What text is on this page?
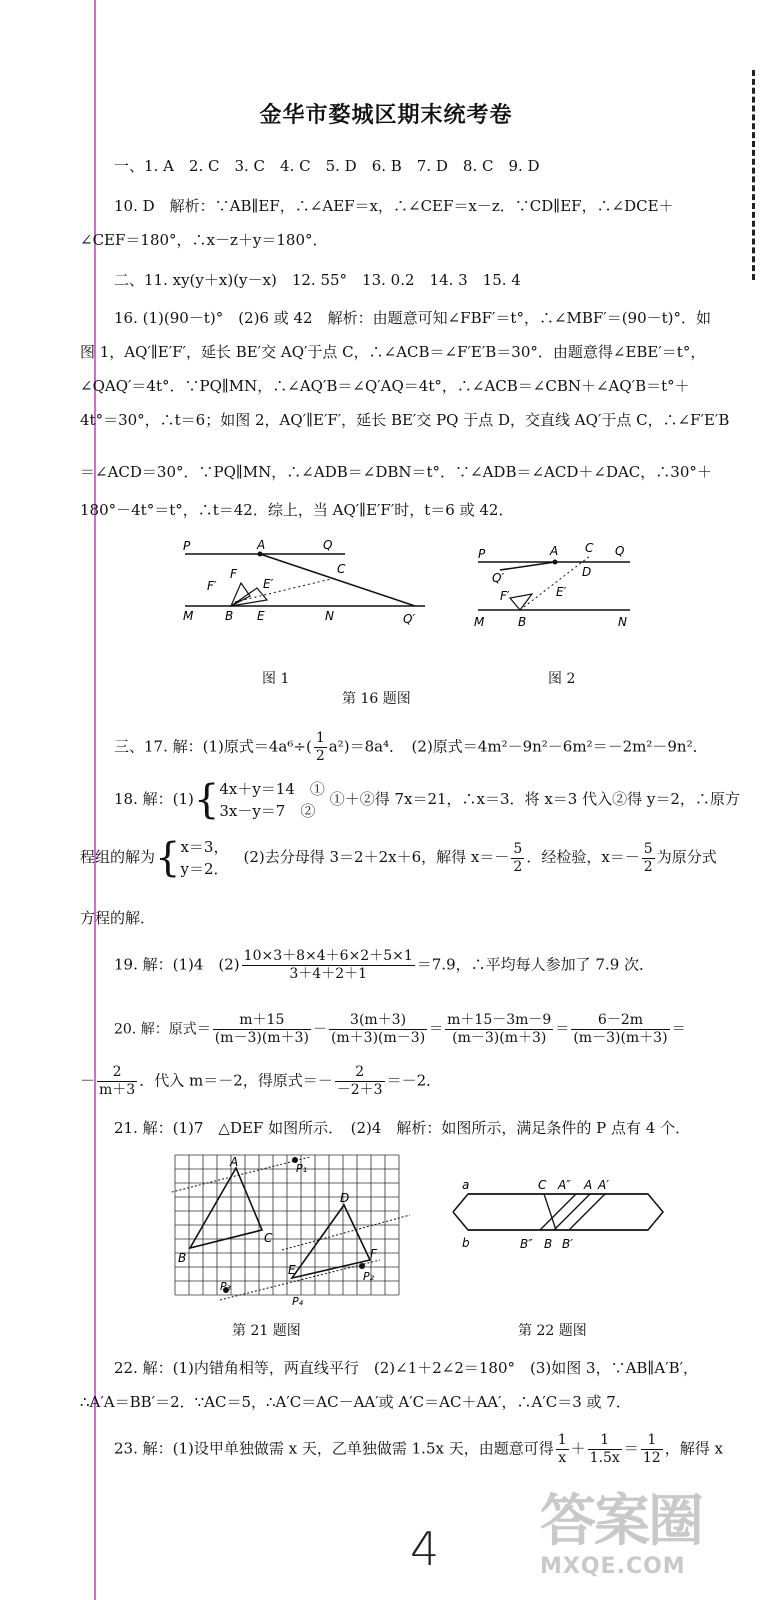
金华市婺城区期末统考卷
一、1. A　2. C　3. C　4. C　5. D　6. B　7. D　8. C　9. D
10. D　解析：∵AB∥EF，∴∠AEF＝x，∴∠CEF＝x－z．∵CD∥EF，∴∠DCE＋
∠CEF＝180°，∴x－z＋y＝180°．
二、11. xy(y＋x)(y－x)　12. 55°　13. 0.2　14. 3　15. 4
16. (1)(90－t)°　(2)6 或 42　解析：由题意可知∠FBF′＝t°，∴∠MBF′＝(90－t)°．如
图 1，AQ′∥E′F′，延长 BE′交 AQ′于点 C，∴∠ACB＝∠F′E′B＝30°．由题意得∠EBE′＝t°，
∠QAQ′＝4t°．∵PQ∥MN，∴∠AQ′B＝∠Q′AQ＝4t°，∴∠ACB＝∠CBN＋∠AQ′B＝t°＋
4t°＝30°，∴t＝6；如图 2，AQ′∥E′F′，延长 BE′交 PQ 于点 D，交直线 AQ′于点 C，∴∠F′E′B
＝∠ACD＝30°．∵PQ∥MN，∴∠ADB＝∠DBN＝t°．∵∠ADB＝∠ACD＋∠DAC，∴30°＋
180°－4t°＝t°，∴t＝42．综上，当 AQ′∥E′F′时，t＝6 或 42．
P	A	Q
C
F′
F
E′
M	B E	N	Q′
P	A C Q
Q′	D
F′	E′
M	B	N
图 1	图 2
第 16 题图
三、17. 解：(1)原式$=4a^6\div( \frac{1}{2} a^2)=8a^4$．　(2)原式＝4m²－9n²－6m²＝－2m²－9n²．
18. 解：(1){ 4x＋y＝14　①
3x－y＝7　②
①＋②得 7x＝21，∴x＝3．将 x＝3 代入②得 y＝2，∴原方
程组的解为{ x＝3，
y＝2．
　(2)去分母得 3＝2＋2x＋6，解得 $x=- \frac{5}{2}$ ．经检验，$x=- \frac{5}{2}$ 为原分式
方程的解．
19. 解：(1)4　$(2) \frac{10\times 3+8\times 4+6\times 2+5\times 1}{3+4+2+1} =7.9$，∴平均每人参加了 7.9 次．
20. 解：原式＝ $\frac{m+15}{(m-3)(m+3)} - \frac{3(m+3)}{(m+3)(m-3)} = \frac{m+15-3m-9}{(m-3)(m+3)} = \frac{6-2m}{(m-3)(m+3)}$ ＝
－ $\frac{2}{m+3}$ ．代入 m＝－2，得原式＝－ $\frac{2}{-2+3} =-2$．
21. 解：(1)7　△DEF 如图所示．　(2)4　解析：如图所示，满足条件的 P 点有 4 个．
A	P₁
B
C
D
F
E	P₂
P₃
P₄
a
b
C A″ A A′
B″ B B′
第 21 题图	第 22 题图
22. 解：(1)内错角相等，两直线平行　(2)∠1＋2∠2＝180°　(3)如图 3，∵AB∥A′B′，
∴A′A＝BB′＝2．∵AC＝5，∴A′C＝AC－AA′或 A′C＝AC＋AA′，∴A′C＝3 或 7．
23. 解：(1)设甲单独做需 x 天，乙单独做需 1.5x 天，由题意可得 $\frac{1}{x} + \frac{1}{1.5x} = \frac{1}{12}$ ，解得 x
4 答案圈
MXQE.COM
